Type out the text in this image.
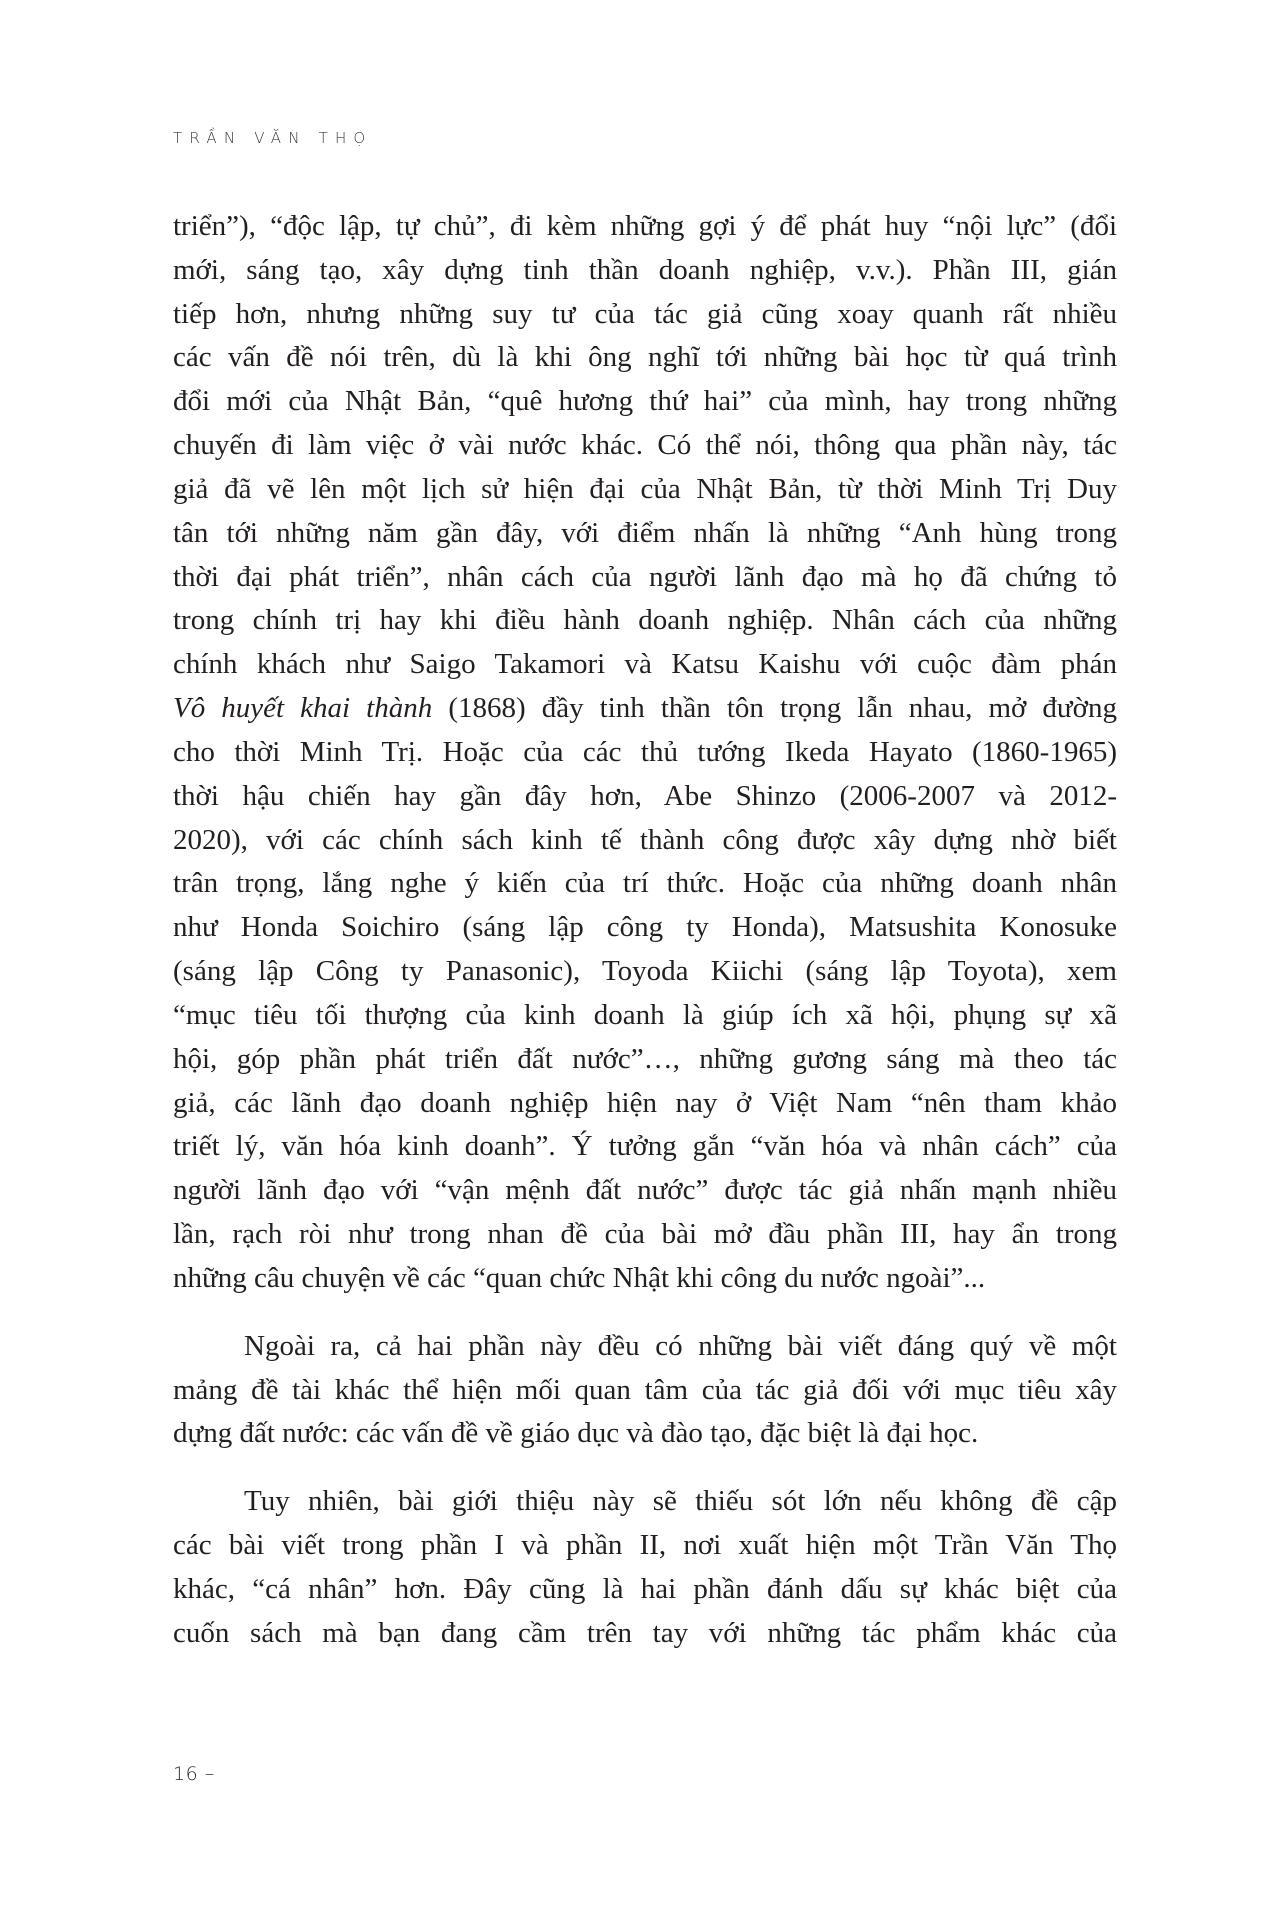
TRẦN VĂN THỌ
triển”), “độc lập, tự chủ”, đi kèm những gợi ý để phát huy “nội lực” (đổi
mới, sáng tạo, xây dựng tinh thần doanh nghiệp, v.v.). Phần III, gián
tiếp hơn, nhưng những suy tư của tác giả cũng xoay quanh rất nhiều
các vấn đề nói trên, dù là khi ông nghĩ tới những bài học từ quá trình
đổi mới của Nhật Bản, “quê hương thứ hai” của mình, hay trong những
chuyến đi làm việc ở vài nước khác. Có thể nói, thông qua phần này, tác
giả đã vẽ lên một lịch sử hiện đại của Nhật Bản, từ thời Minh Trị Duy
tân tới những năm gần đây, với điểm nhấn là những “Anh hùng trong
thời đại phát triển”, nhân cách của người lãnh đạo mà họ đã chứng tỏ
trong chính trị hay khi điều hành doanh nghiệp. Nhân cách của những
chính khách như Saigo Takamori và Katsu Kaishu với cuộc đàm phán
Vô huyết khai thành (1868) đầy tinh thần tôn trọng lẫn nhau, mở đường
cho thời Minh Trị. Hoặc của các thủ tướng Ikeda Hayato (1860-1965)
thời hậu chiến hay gần đây hơn, Abe Shinzo (2006-2007 và 2012-
2020), với các chính sách kinh tế thành công được xây dựng nhờ biết
trân trọng, lắng nghe ý kiến của trí thức. Hoặc của những doanh nhân
như Honda Soichiro (sáng lập công ty Honda), Matsushita Konosuke
(sáng lập Công ty Panasonic), Toyoda Kiichi (sáng lập Toyota), xem
“mục tiêu tối thượng của kinh doanh là giúp ích xã hội, phụng sự xã
hội, góp phần phát triển đất nước”…, những gương sáng mà theo tác
giả, các lãnh đạo doanh nghiệp hiện nay ở Việt Nam “nên tham khảo
triết lý, văn hóa kinh doanh”. Ý tưởng gắn “văn hóa và nhân cách” của
người lãnh đạo với “vận mệnh đất nước” được tác giả nhấn mạnh nhiều
lần, rạch ròi như trong nhan đề của bài mở đầu phần III, hay ẩn trong
những câu chuyện về các “quan chức Nhật khi công du nước ngoài”...
Ngoài ra, cả hai phần này đều có những bài viết đáng quý về một
mảng đề tài khác thể hiện mối quan tâm của tác giả đối với mục tiêu xây
dựng đất nước: các vấn đề về giáo dục và đào tạo, đặc biệt là đại học.
Tuy nhiên, bài giới thiệu này sẽ thiếu sót lớn nếu không đề cập
các bài viết trong phần I và phần II, nơi xuất hiện một Trần Văn Thọ
khác, “cá nhân” hơn. Đây cũng là hai phần đánh dấu sự khác biệt của
cuốn sách mà bạn đang cầm trên tay với những tác phẩm khác của
16 –
